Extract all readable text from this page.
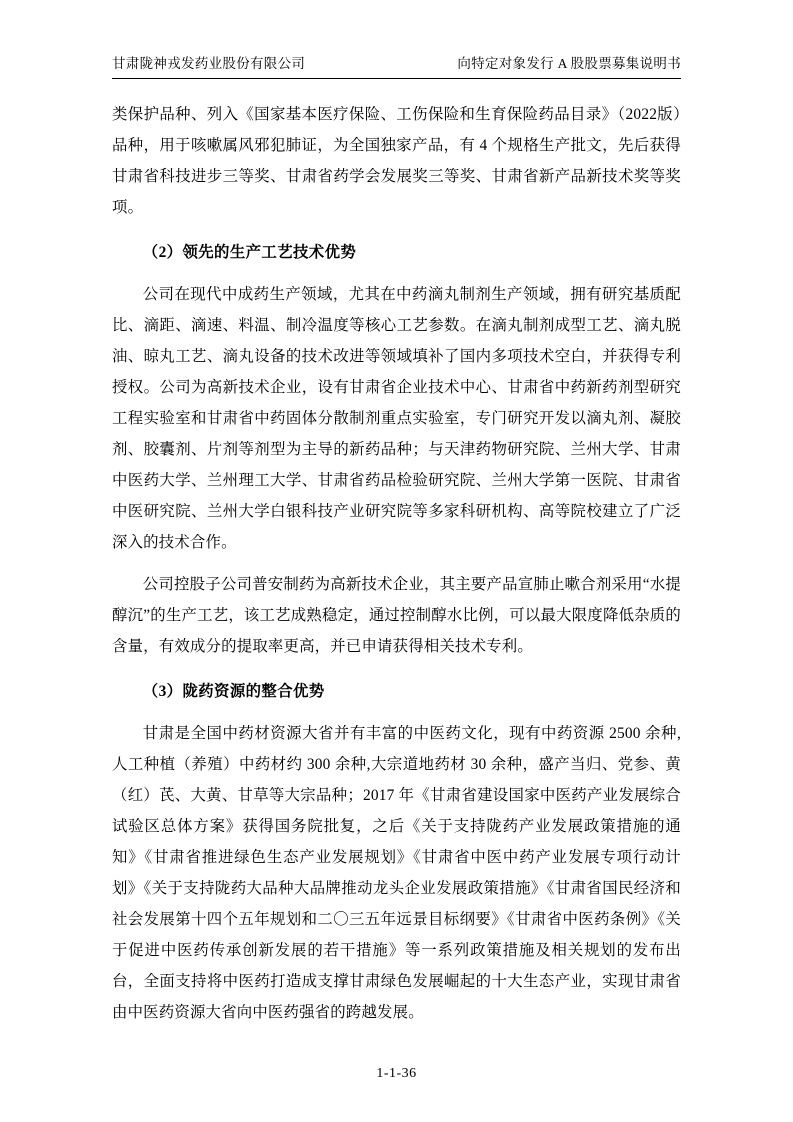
甘肃陇神戎发药业股份有限公司	向特定对象发行 A 股股票募集说明书

类保护品种、列入《国家基本医疗保险、工伤保险和生育保险药品目录》（2022版）品种，用于咳嗽属风邪犯肺证，为全国独家产品，有 4 个规格生产批文，先后获得甘肃省科技进步三等奖、甘肃省药学会发展奖三等奖、甘肃省新产品新技术奖等奖项。

（2）领先的生产工艺技术优势

公司在现代中成药生产领域，尤其在中药滴丸制剂生产领域，拥有研究基质配比、滴距、滴速、料温、制冷温度等核心工艺参数。在滴丸制剂成型工艺、滴丸脱油、晾丸工艺、滴丸设备的技术改进等领域填补了国内多项技术空白，并获得专利授权。公司为高新技术企业，设有甘肃省企业技术中心、甘肃省中药新药剂型研究工程实验室和甘肃省中药固体分散制剂重点实验室，专门研究开发以滴丸剂、凝胶剂、胶囊剂、片剂等剂型为主导的新药品种；与天津药物研究院、兰州大学、甘肃中医药大学、兰州理工大学、甘肃省药品检验研究院、兰州大学第一医院、甘肃省中医研究院、兰州大学白银科技产业研究院等多家科研机构、高等院校建立了广泛深入的技术合作。

公司控股子公司普安制药为高新技术企业，其主要产品宣肺止嗽合剂采用“水提醇沉”的生产工艺，该工艺成熟稳定，通过控制醇水比例，可以最大限度降低杂质的含量，有效成分的提取率更高，并已申请获得相关技术专利。

（3）陇药资源的整合优势

甘肃是全国中药材资源大省并有丰富的中医药文化，现有中药资源 2500 余种,人工种植（养殖）中药材约 300 余种,大宗道地药材 30 余种，盛产当归、党参、黄（红）芪、大黄、甘草等大宗品种；2017 年《甘肃省建设国家中医药产业发展综合试验区总体方案》获得国务院批复，之后《关于支持陇药产业发展政策措施的通知》《甘肃省推进绿色生态产业发展规划》《甘肃省中医中药产业发展专项行动计划》《关于支持陇药大品种大品牌推动龙头企业发展政策措施》《甘肃省国民经济和社会发展第十四个五年规划和二〇三五年远景目标纲要》《甘肃省中医药条例》《关于促进中医药传承创新发展的若干措施》等一系列政策措施及相关规划的发布出台，全面支持将中医药打造成支撑甘肃绿色发展崛起的十大生态产业，实现甘肃省由中医药资源大省向中医药强省的跨越发展。

1-1-36
